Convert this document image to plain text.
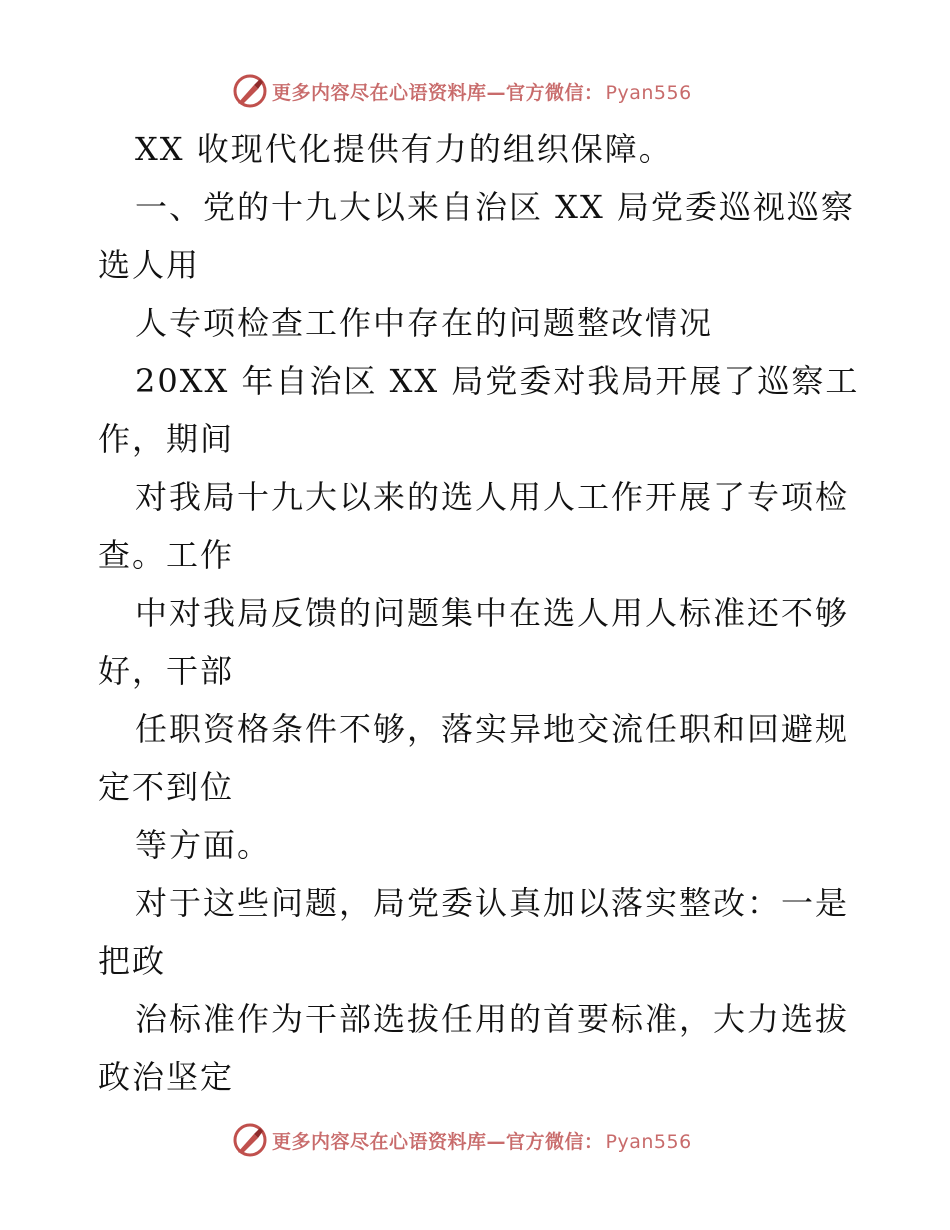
更多内容尽在心语资料库—官方微信： Pyan556
XX 收现代化提供有力的组织保障。
一、党的十九大以来自治区 XX 局党委巡视巡察
选人用
人专项检查工作中存在的问题整改情况
20XX 年自治区 XX 局党委对我局开展了巡察工
作，期间
对我局十九大以来的选人用人工作开展了专项检
查。工作
中对我局反馈的问题集中在选人用人标准还不够
好，干部
任职资格条件不够，落实异地交流任职和回避规
定不到位
等方面。
对于这些问题，局党委认真加以落实整改：一是
把政
治标准作为干部选拔任用的首要标准，大力选拔
政治坚定
更多内容尽在心语资料库—官方微信： Pyan556
